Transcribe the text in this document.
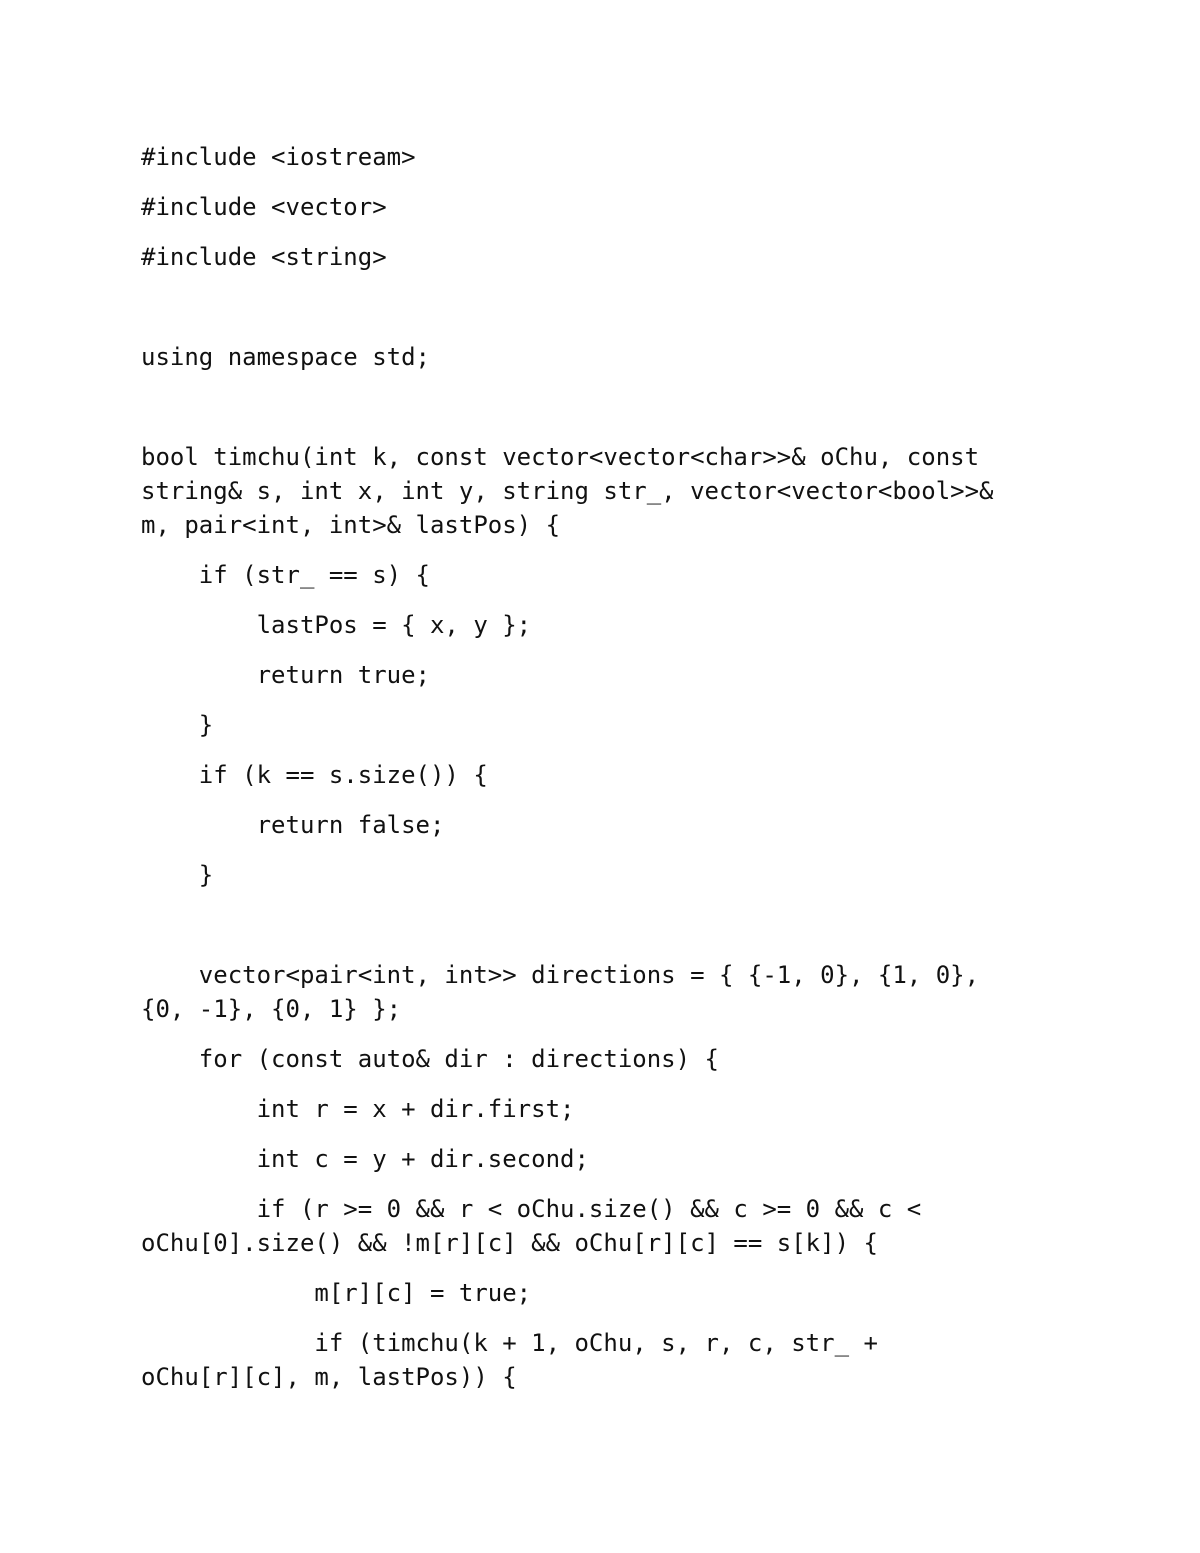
#include <iostream>
#include <vector>
#include <string>
using namespace std;
bool timchu(int k, const vector<vector<char>>& oChu, const
string& s, int x, int y, string str_, vector<vector<bool>>&
m, pair<int, int>& lastPos) {
if (str_ == s) {
lastPos = { x, y };
return true;
}
if (k == s.size()) {
return false;
}
vector<pair<int, int>> directions = { {-1, 0}, {1, 0},
{0, -1}, {0, 1} };
for (const auto& dir : directions) {
int r = x + dir.first;
int c = y + dir.second;
if (r >= 0 && r < oChu.size() && c >= 0 && c <
oChu[0].size() && !m[r][c] && oChu[r][c] == s[k]) {
m[r][c] = true;
if (timchu(k + 1, oChu, s, r, c, str_ +
oChu[r][c], m, lastPos)) {
